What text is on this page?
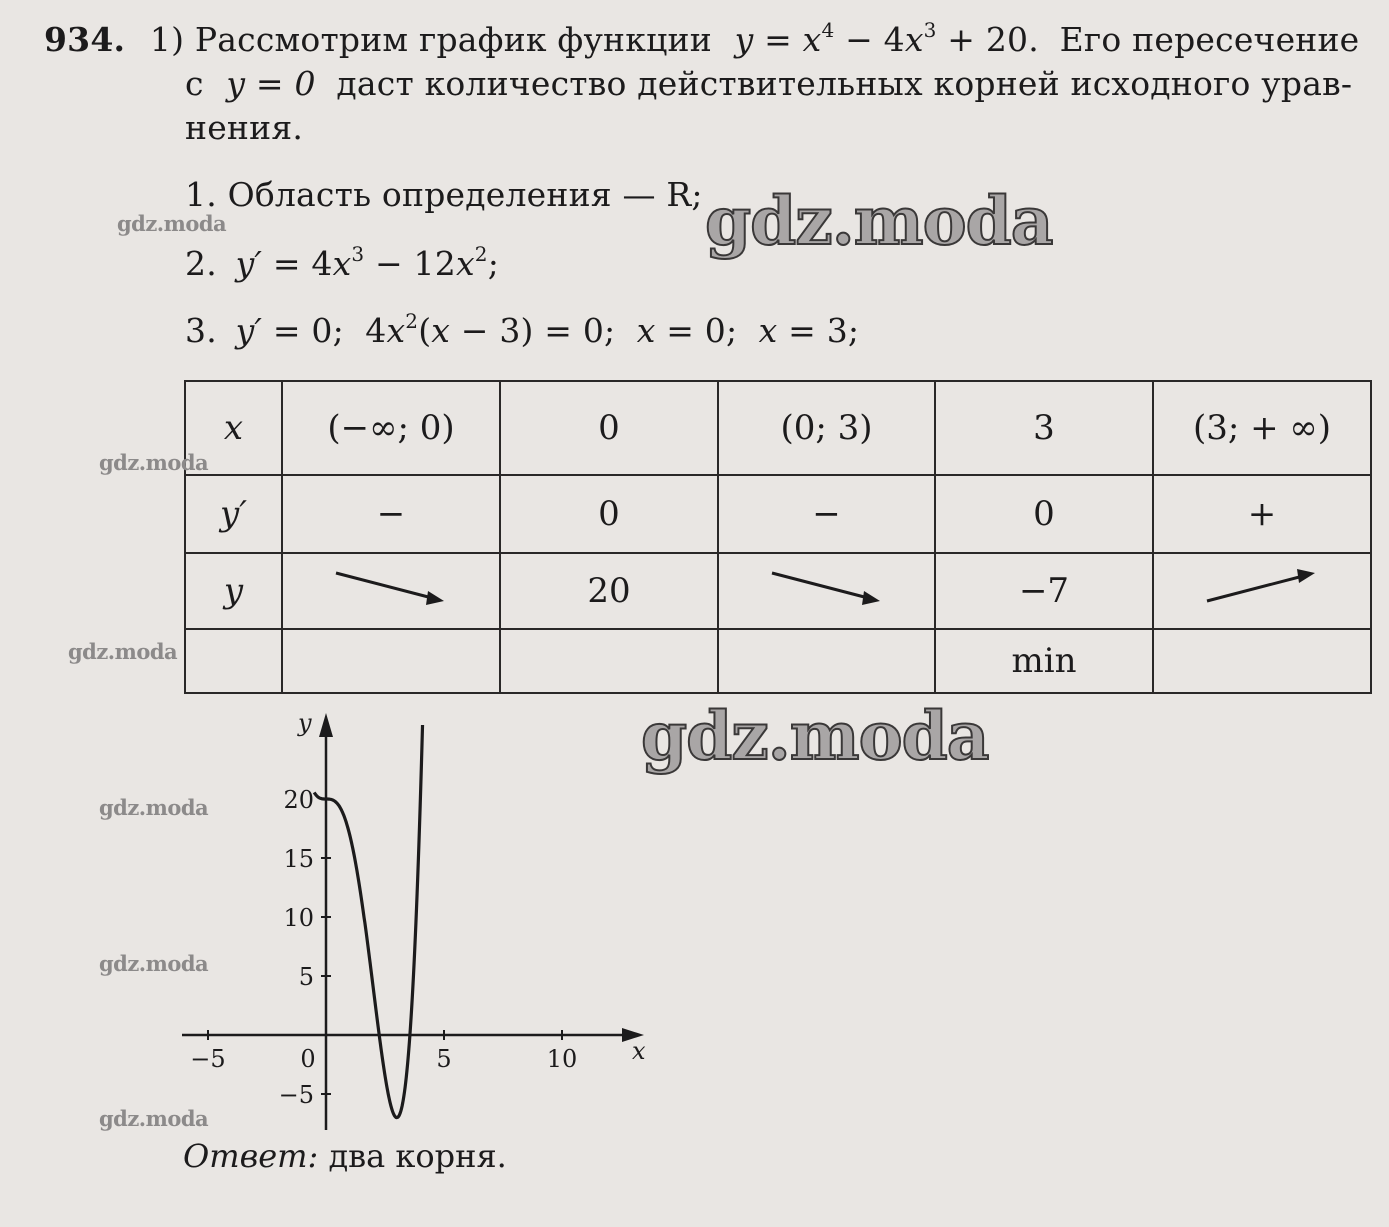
934. 1) Рассмотрим график функции $y = x^4 - 4x^3 + 20$. Его пересечение
с y = 0 даст количество действительных корней исходного урав-
нения.
1. Область определения — R;
2. $y' = 4x^3 - 12x^2$;
3. y′ = 0;  $4x^2(x - 3) = 0$;  x = 0;  x = 3;
x	(−∞; 0)	0	(0; 3)	3	(3; + ∞)
y′	−	0	−	0	+
y		20		−7	
				min	
x
y
−5	0	5	10
20
15
10
5
−5
Ответ: два корня.
gdz.moda
gdz.moda
gdz.moda
gdz.moda
gdz.moda
gdz.moda
gdz.moda
gdz.moda
